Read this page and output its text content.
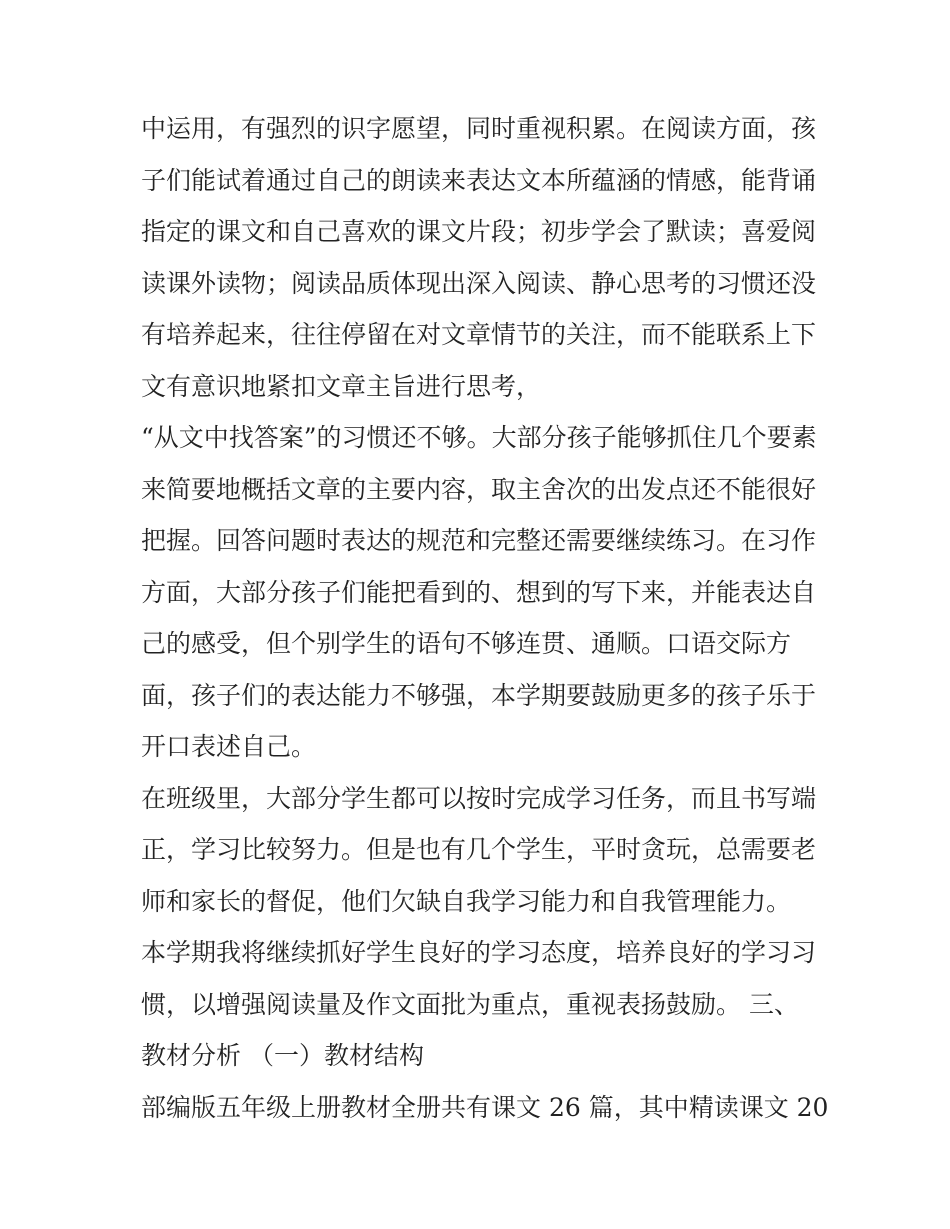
中运用，有强烈的识字愿望，同时重视积累。在阅读方面，孩
子们能试着通过自己的朗读来表达文本所蕴涵的情感，能背诵
指定的课文和自己喜欢的课文片段；初步学会了默读；喜爱阅
读课外读物；阅读品质体现出深入阅读、静心思考的习惯还没
有培养起来，往往停留在对文章情节的关注，而不能联系上下
文有意识地紧扣文章主旨进行思考，
“从文中找答案”的习惯还不够。大部分孩子能够抓住几个要素
来简要地概括文章的主要内容，取主舍次的出发点还不能很好
把握。回答问题时表达的规范和完整还需要继续练习。在习作
方面，大部分孩子们能把看到的、想到的写下来，并能表达自
己的感受，但个别学生的语句不够连贯、通顺。口语交际方
面，孩子们的表达能力不够强，本学期要鼓励更多的孩子乐于
开口表述自己。
在班级里，大部分学生都可以按时完成学习任务，而且书写端
正，学习比较努力。但是也有几个学生，平时贪玩，总需要老
师和家长的督促，他们欠缺自我学习能力和自我管理能力。
本学期我将继续抓好学生良好的学习态度，培养良好的学习习
惯，以增强阅读量及作文面批为重点，重视表扬鼓励。 三、
教材分析 （一）教材结构
部编版五年级上册教材全册共有课文 26 篇，其中精读课文 20
